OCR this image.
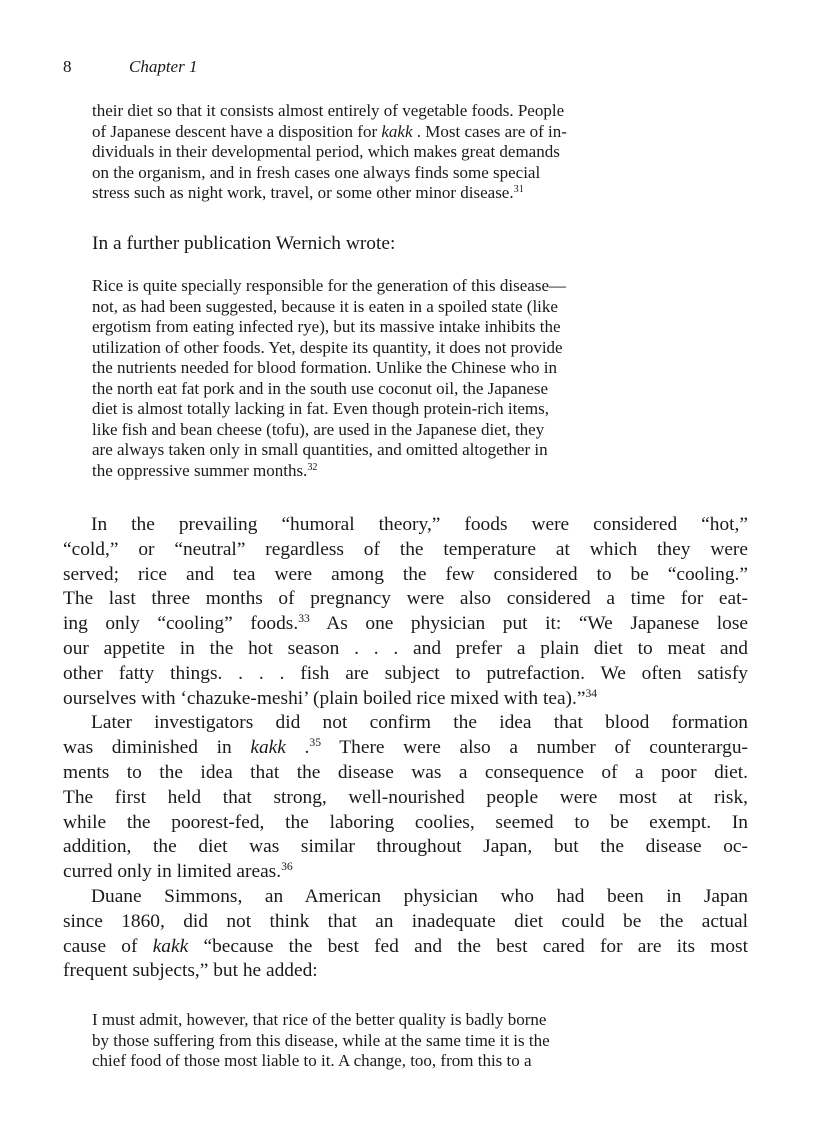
8	Chapter 1
their diet so that it consists almost entirely of vegetable foods. People
of Japanese descent have a disposition for kakk . Most cases are of in-
dividuals in their developmental period, which makes great demands
on the organism, and in fresh cases one always finds some special
stress such as night work, travel, or some other minor disease.$^{31}$
In a further publication Wernich wrote:
Rice is quite specially responsible for the generation of this disease—
not, as had been suggested, because it is eaten in a spoiled state (like
ergotism from eating infected rye), but its massive intake inhibits the
utilization of other foods. Yet, despite its quantity, it does not provide
the nutrients needed for blood formation. Unlike the Chinese who in
the north eat fat pork and in the south use coconut oil, the Japanese
diet is almost totally lacking in fat. Even though protein-rich items,
like fish and bean cheese (tofu), are used in the Japanese diet, they
are always taken only in small quantities, and omitted altogether in
the oppressive summer months.$^{32}$
In the prevailing “humoral theory,” foods were considered “hot,”
“cold,” or “neutral” regardless of the temperature at which they were
served; rice and tea were among the few considered to be “cooling.”
The last three months of pregnancy were also considered a time for eat-
ing only “cooling” foods.$^{33}$ As one physician put it: “We Japanese lose
our appetite in the hot season . . . and prefer a plain diet to meat and
other fatty things. . . . fish are subject to putrefaction. We often satisfy
ourselves with ‘chazuke-meshi’ (plain boiled rice mixed with tea).”$^{34}$
Later investigators did not confirm the idea that blood formation
was diminished in kakk .$^{35}$ There were also a number of counterargu-
ments to the idea that the disease was a consequence of a poor diet.
The first held that strong, well-nourished people were most at risk,
while the poorest-fed, the laboring coolies, seemed to be exempt. In
addition, the diet was similar throughout Japan, but the disease oc-
curred only in limited areas.$^{36}$
Duane Simmons, an American physician who had been in Japan
since 1860, did not think that an inadequate diet could be the actual
cause of kakk “because the best fed and the best cared for are its most
frequent subjects,” but he added:
I must admit, however, that rice of the better quality is badly borne
by those suffering from this disease, while at the same time it is the
chief food of those most liable to it. A change, too, from this to a
